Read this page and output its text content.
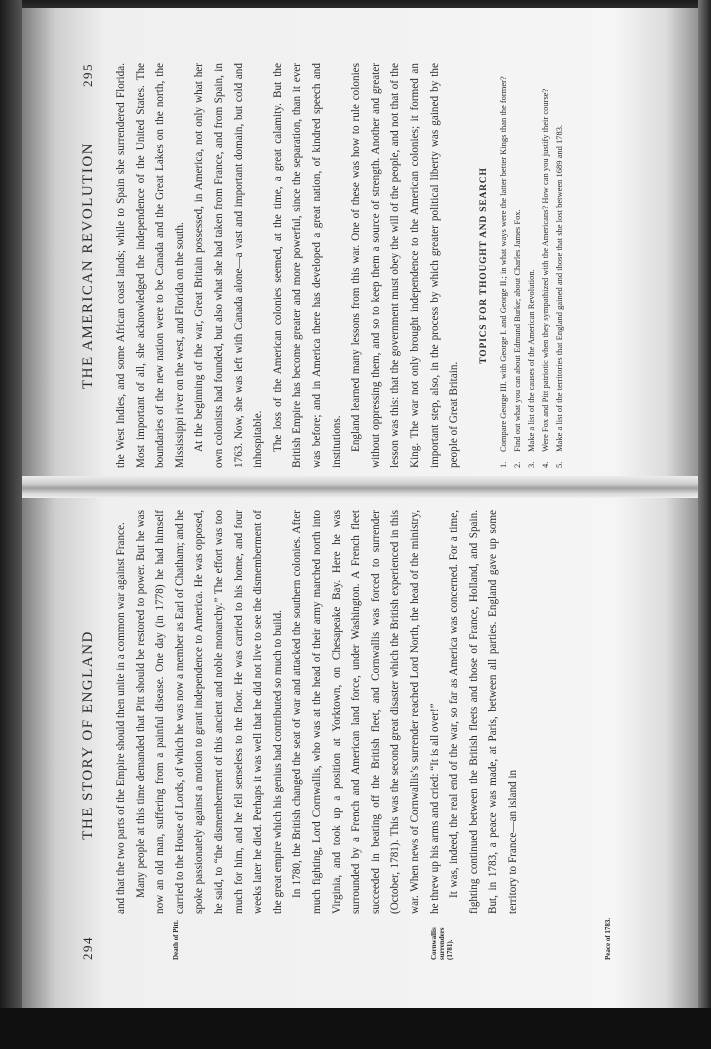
294
THE STORY OF ENGLAND
Death of Pitt.	Cornwallis surrenders (1781).	Peace of 1783.

and that the two parts of the Empire should then unite in a common war against France. Many people at this time demanded that Pitt should be restored to power. But he was now an old man, suffering from a painful disease. One day (in 1778) he had himself carried to the House of Lords, of which he was now a member as Earl of Chatham; and he spoke passionately against a motion to grant independence to America. He was opposed, he said, to “the dismemberment of this ancient and noble monarchy.” The effort was too much for him, and he fell senseless to the floor. He was carried to his home, and four weeks later he died. Perhaps it was well that he did not live to see the dismemberment of the great empire which his genius had contributed so much to build. In 1780, the British changed the seat of war and attacked the southern colonies. After much fighting, Lord Cornwallis, who was at the head of their army marched north into Virginia, and took up a position at Yorktown, on Chesapeake Bay. Here he was surrounded by a French and American land force, under Washington. A French fleet succeeded in beating off the British fleet, and Cornwallis was forced to surrender (October, 1781). This was the second great disaster which the British experienced in this war. When news of Cornwallis’s surrender reached Lord North, the head of the ministry, he threw up his arms and cried: “It is all over!” It was, indeed, the real end of the war, so far as America was concerned. For a time, fighting continued between the British fleets and those of France, Holland, and Spain. But, in 1783, a peace was made, at Paris, between all parties. England gave up some territory to France—an island in

THE AMERICAN REVOLUTION
295 the West Indies, and some African coast lands; while to Spain she surrendered Florida. Most important of all, she acknowledged the independence of the United States. The boundaries of the new nation were to be Canada and the Great Lakes on the north, the Mississippi river on the west, and Florida on the south. At the beginning of the war, Great Britain possessed, in America, not only what her own colonists had founded, but also what she had taken from France, and from Spain, in 1763. Now, she was left with Canada alone—a vast and important domain, but cold and inhospitable. The loss of the American colonies seemed, at the time, a great calamity. But the British Empire has become greater and more powerful, since the separation, than it ever was before; and in America there has developed a great nation, of kindred speech and institutions. England learned many lessons from this war. One of these was how to rule colonies without oppressing them, and so to keep them a source of strength. Another and greater lesson was this: that the government must obey the will of the people, and not that of the King. The war not only brought independence to the American colonies; it formed an important step, also, in the process by which greater political liberty was gained by the people of Great Britain.

TOPICS FOR THOUGHT AND SEARCH
1.
Compare George III. with George I. and George II.; in what ways were the latter better Kings than the former?
2.
Find out what you can about Edmund Burke; about Charles James Fox.
3.
Make a list of the causes of the American Revolution.
4.
Were Fox and Pitt patriotic when they sympathized with the Americans? How can you justify their course?
5.
Make a list of the territories that England gained and those that she lost between 1689 and 1783.
